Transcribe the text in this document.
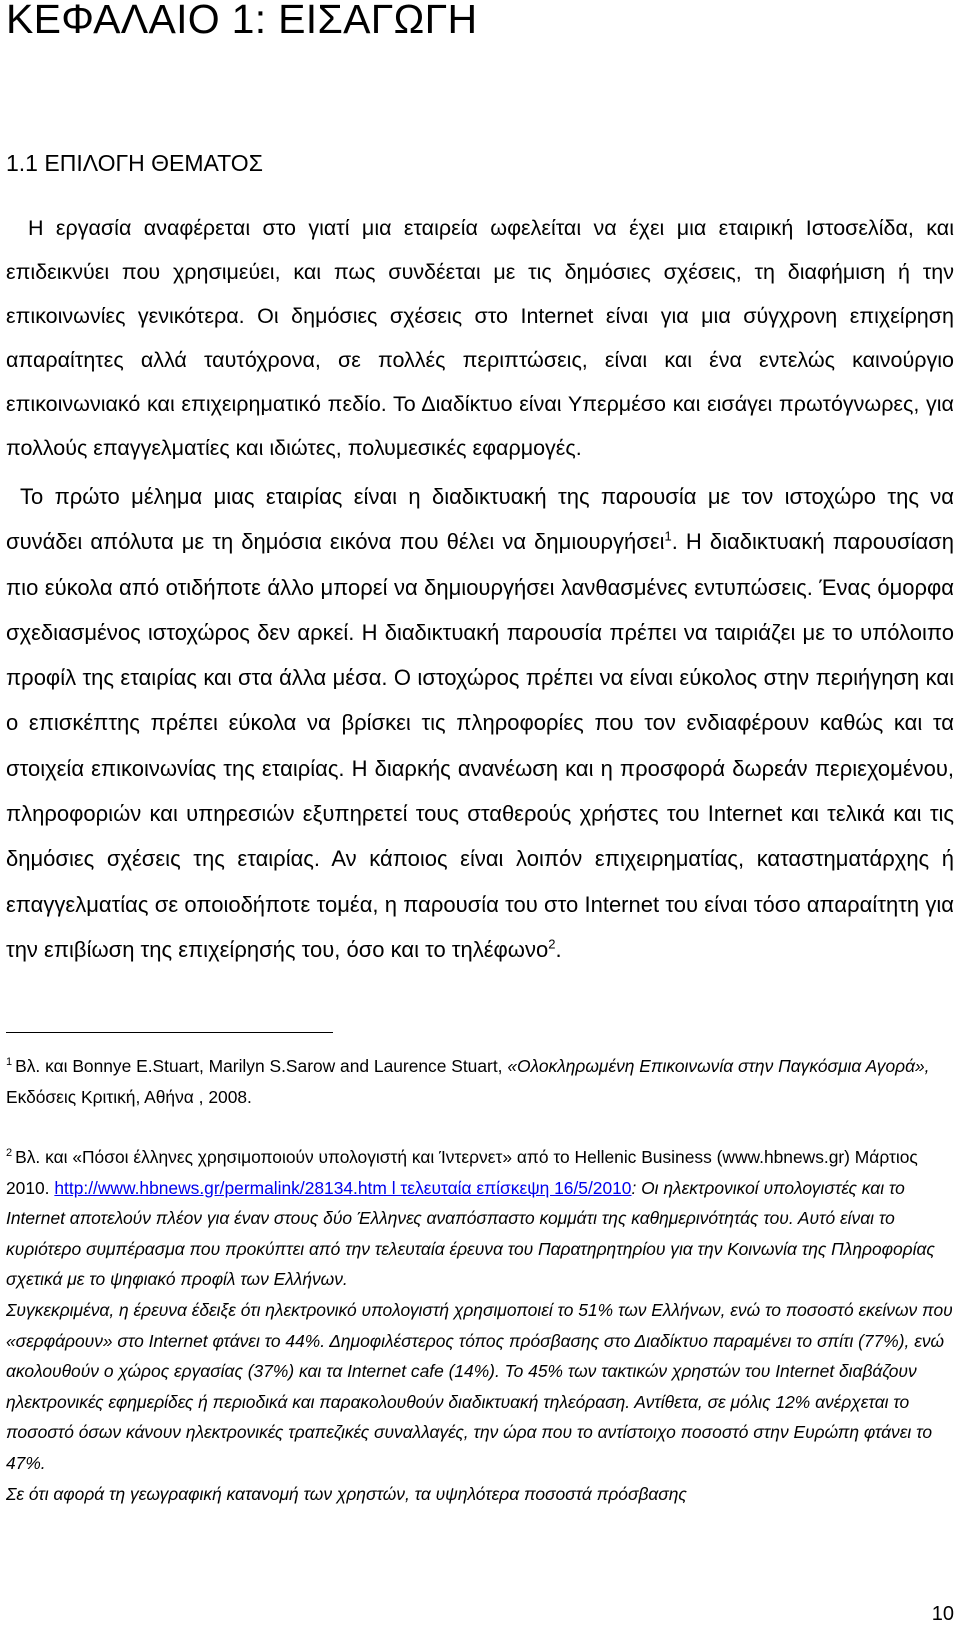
ΚΕΦΑΛΑΙΟ 1: ΕΙΣΑΓΩΓΗ
1.1 ΕΠΙΛΟΓΗ ΘΕΜΑΤΟΣ
Η εργασία αναφέρεται στο γιατί μια εταιρεία ωφελείται να έχει μια εταιρική Ιστοσελίδα, και επιδεικνύει που χρησιμεύει, και πως συνδέεται με τις δημόσιες σχέσεις, τη διαφήμιση ή την επικοινωνίες γενικότερα. Οι δημόσιες σχέσεις στο Internet είναι για μια σύγχρονη επιχείρηση απαραίτητες αλλά ταυτόχρονα, σε πολλές περιπτώσεις, είναι και ένα εντελώς καινούργιο επικοινωνιακό και επιχειρηματικό πεδίο. Το Διαδίκτυο είναι Υπερμέσο και εισάγει πρωτόγνωρες, για πολλούς επαγγελματίες και ιδιώτες, πολυμεσικές εφαρμογές.
Το πρώτο μέλημα μιας εταιρίας είναι η διαδικτυακή της παρουσία με τον ιστοχώρο της να συνάδει απόλυτα με τη δημόσια εικόνα που θέλει να δημιουργήσει$^1$. Η διαδικτυακή παρουσίαση πιο εύκολα από οτιδήποτε άλλο μπορεί να δημιουργήσει λανθασμένες εντυπώσεις. Ένας όμορφα σχεδιασμένος ιστοχώρος δεν αρκεί. Η διαδικτυακή παρουσία πρέπει να ταιριάζει με το υπόλοιπο προφίλ της εταιρίας και στα άλλα μέσα. Ο ιστοχώρος πρέπει να είναι εύκολος στην περιήγηση και ο επισκέπτης πρέπει εύκολα να βρίσκει τις πληροφορίες που τον ενδιαφέρουν καθώς και τα στοιχεία επικοινωνίας της εταιρίας. Η διαρκής ανανέωση και η προσφορά δωρεάν περιεχομένου, πληροφοριών και υπηρεσιών εξυπηρετεί τους σταθερούς χρήστες του Internet και τελικά και τις δημόσιες σχέσεις της εταιρίας. Αν κάποιος είναι λοιπόν επιχειρηματίας, καταστηματάρχης ή επαγγελματίας σε οποιοδήποτε τομέα, η παρουσία του στο Internet του είναι τόσο απαραίτητη για την επιβίωση της επιχείρησής του, όσο και το τηλέφωνο$^2$.
$^1$ Βλ. και Bonnye E.Stuart, Marilyn S.Sarow and Laurence Stuart, «Ολοκληρωμένη Επικοινωνία στην Παγκόσμια Αγορά», Εκδόσεις Κριτική, Αθήνα , 2008.
$^2$ Βλ. και «Πόσοι έλληνες χρησιμοποιούν υπολογιστή και Ίντερνετ» από το Hellenic Business (www.hbnews.gr) Μάρτιος 2010. http://www.hbnews.gr/permalink/28134.htm l τελευταία επίσκεψη 16/5/2010: Οι ηλεκτρονικοί υπολογιστές και το Internet αποτελούν πλέον για έναν στους δύο Έλληνες αναπόσπαστο κομμάτι της καθημερινότητάς του. Αυτό είναι το κυριότερο συμπέρασμα που προκύπτει από την τελευταία έρευνα του Παρατηρητηρίου για την Κοινωνία της Πληροφορίας σχετικά με το ψηφιακό προφίλ των Ελλήνων.
Συγκεκριμένα, η έρευνα έδειξε ότι ηλεκτρονικό υπολογιστή χρησιμοποιεί το 51% των Ελλήνων, ενώ το ποσοστό εκείνων που «σερφάρουν» στο Internet φτάνει το 44%. Δημοφιλέστερος τόπος πρόσβασης στο Διαδίκτυο παραμένει το σπίτι (77%), ενώ ακολουθούν ο χώρος εργασίας (37%) και τα Internet cafe (14%). Το 45% των τακτικών χρηστών του Internet διαβάζουν ηλεκτρονικές εφημερίδες ή περιοδικά και παρακολουθούν διαδικτυακή τηλεόραση. Αντίθετα, σε μόλις 12% ανέρχεται το ποσοστό όσων κάνουν ηλεκτρονικές τραπεζικές συναλλαγές, την ώρα που το αντίστοιχο ποσοστό στην Ευρώπη φτάνει το 47%.
Σε ότι αφορά τη γεωγραφική κατανομή των χρηστών, τα υψηλότερα ποσοστά πρόσβασης
10
